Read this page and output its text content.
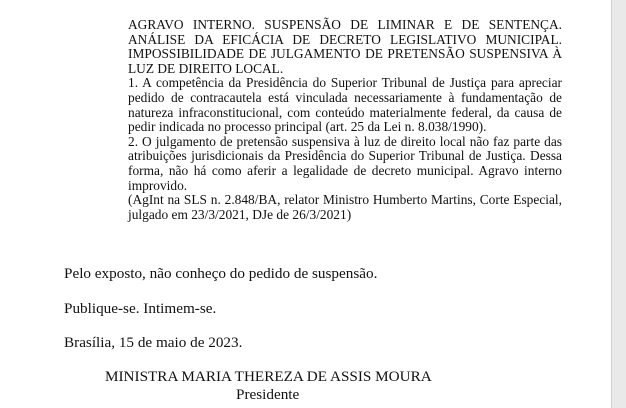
AGRAVO INTERNO. SUSPENSÃO DE LIMINAR E DE SENTENÇA. ANÁLISE DA EFICÁCIA DE DECRETO LEGISLATIVO MUNICIPAL. IMPOSSIBILIDADE DE JULGAMENTO DE PRETENSÃO SUSPENSIVA À LUZ DE DIREITO LOCAL.

1. A competência da Presidência do Superior Tribunal de Justiça para apreciar pedido de contracautela está vinculada necessariamente à fundamentação de natureza infraconstitucional, com conteúdo materialmente federal, da causa de pedir indicada no processo principal (art. 25 da Lei n. 8.038/1990).

2. O julgamento de pretensão suspensiva à luz de direito local não faz parte das atribuições jurisdicionais da Presidência do Superior Tribunal de Justiça. Dessa forma, não há como aferir a legalidade de decreto municipal. Agravo interno improvido.

(AgInt na SLS n. 2.848/BA, relator Ministro Humberto Martins, Corte Especial, julgado em 23/3/2021, DJe de 26/3/2021)

Pelo exposto, não conheço do pedido de suspensão.
Publique-se. Intimem-se.
Brasília, 15 de maio de 2023.
MINISTRA MARIA THEREZA DE ASSIS MOURA
Presidente
